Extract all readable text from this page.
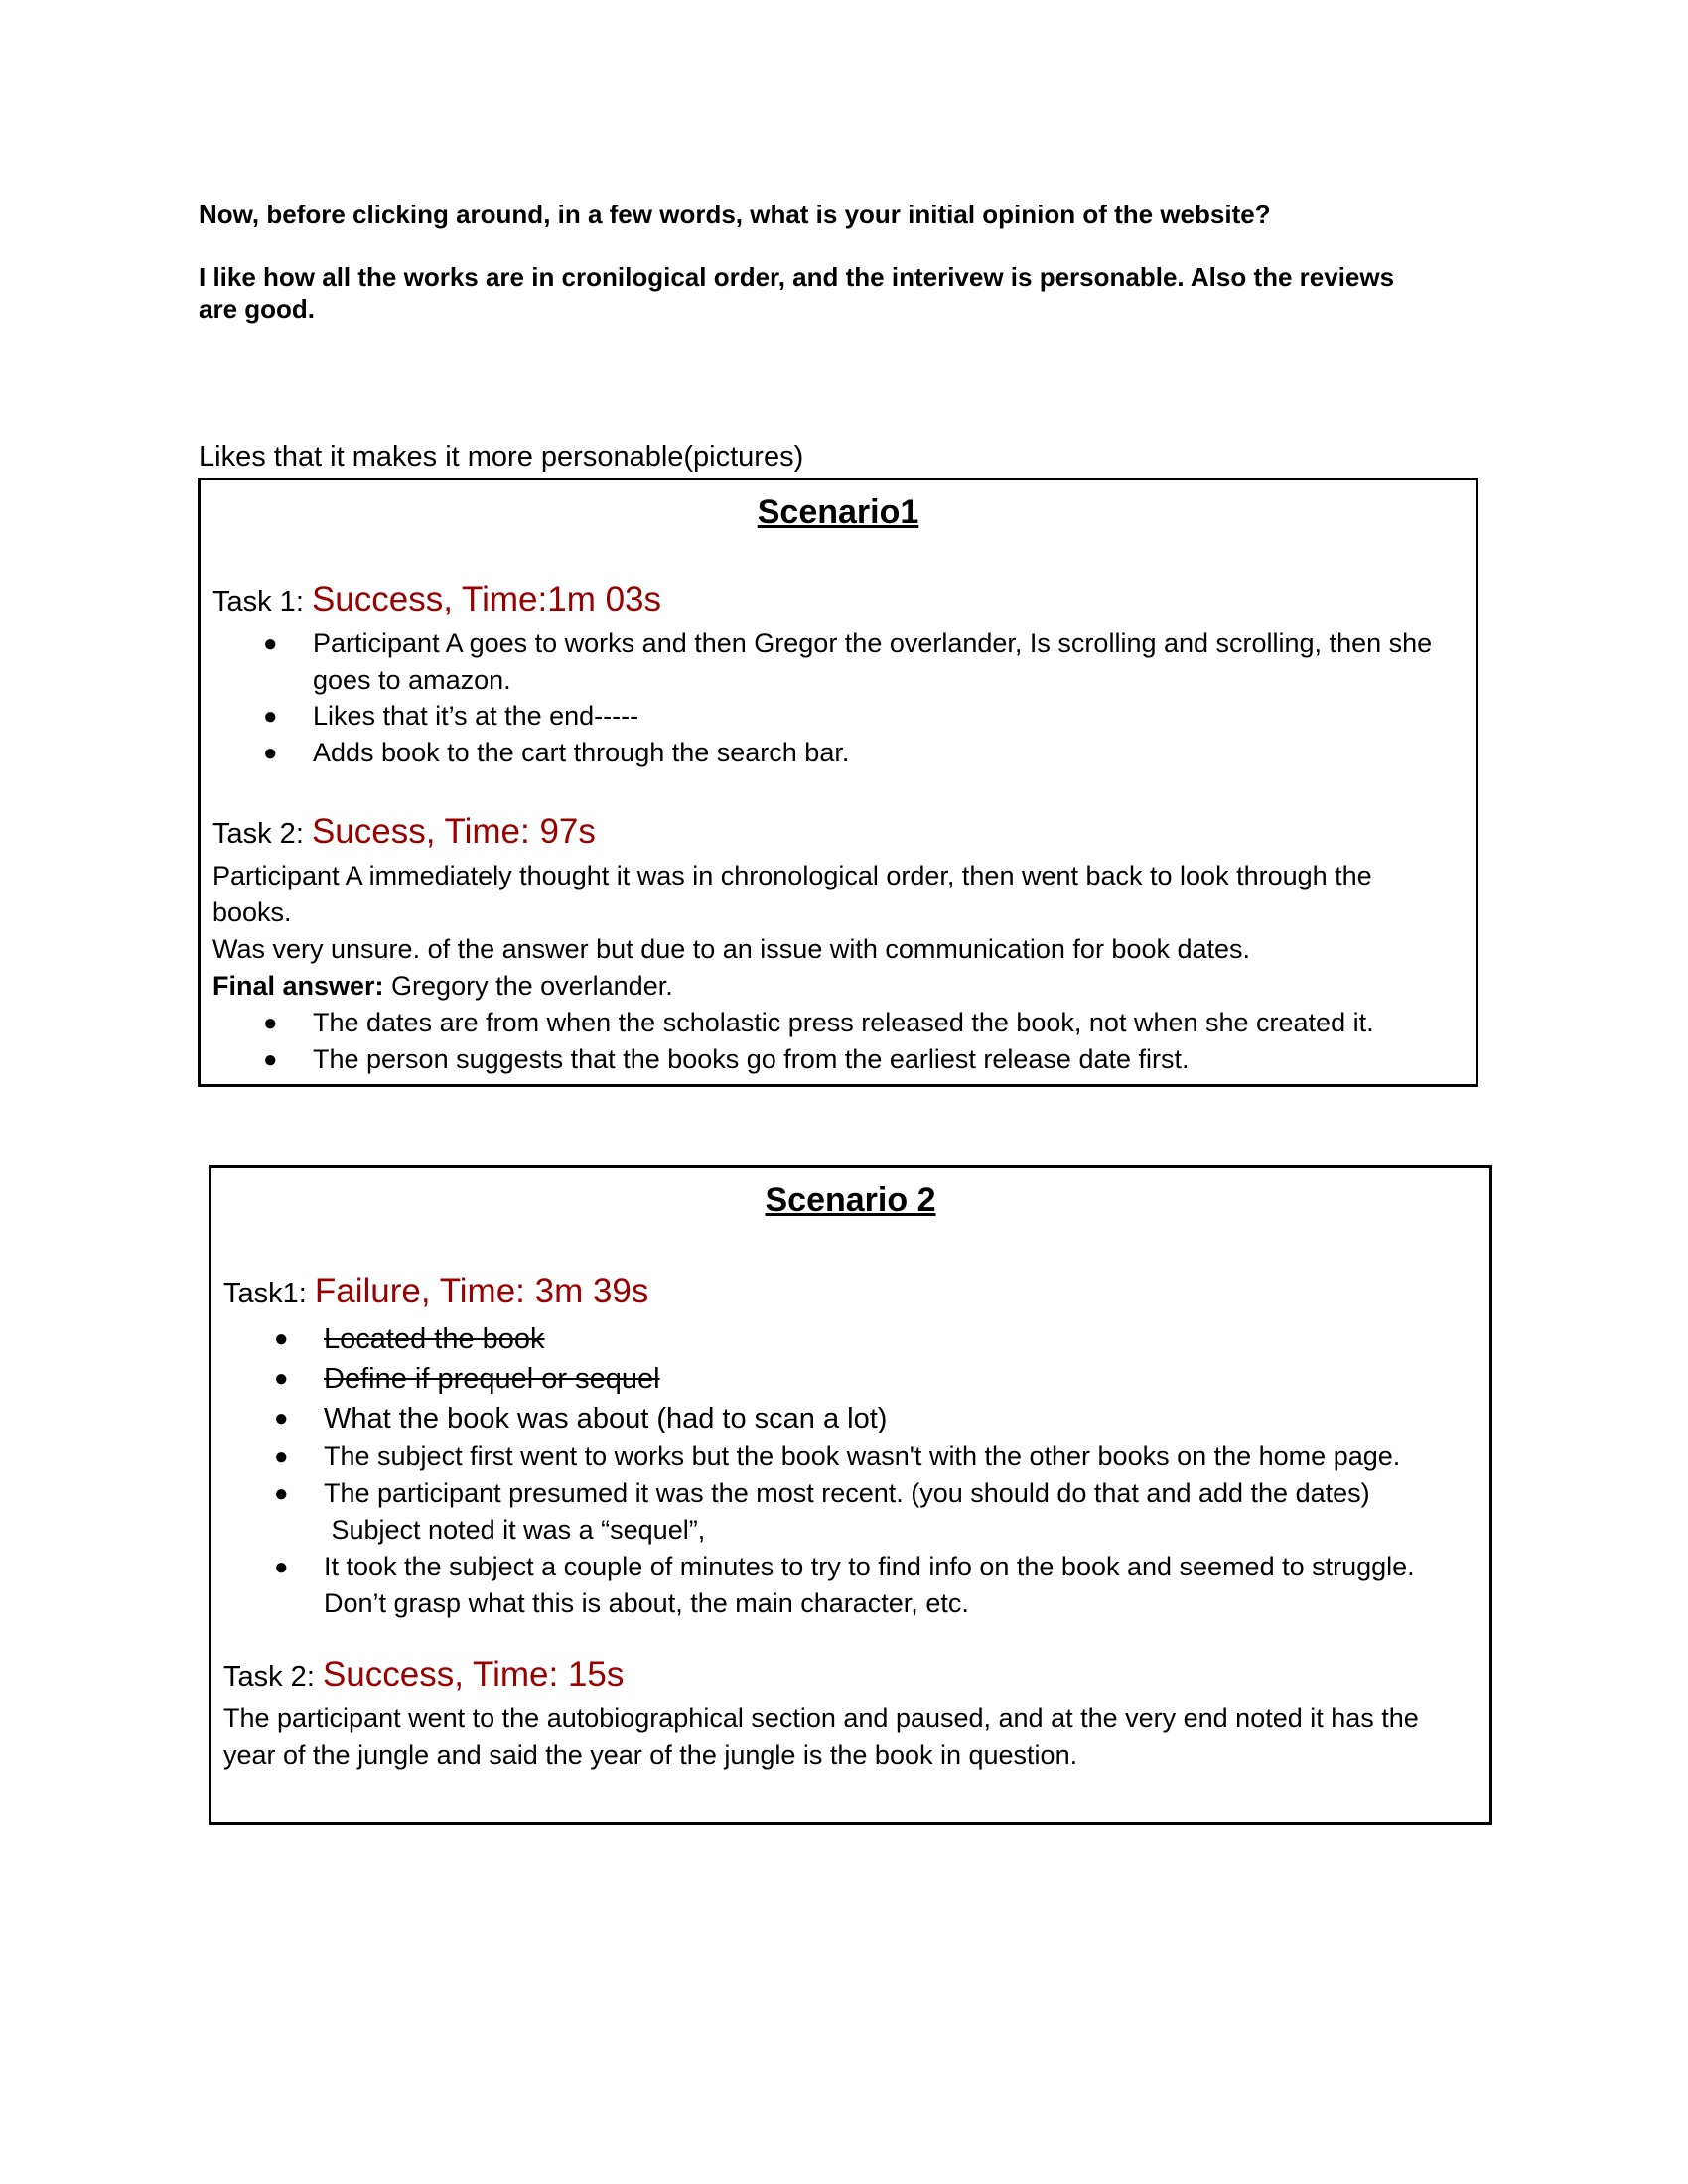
Now, before clicking around, in a few words, what is your initial opinion of the website?
I like how all the works are in cronilogical order, and the interivew is personable. Also the reviews
are good.
Likes that it makes it more personable(pictures)
Scenario1
Task 1: Success, Time:1m 03s
● Participant A goes to works and then Gregor the overlander, Is scrolling and scrolling, then she
goes to amazon.
● Likes that it’s at the end-----
● Adds book to the cart through the search bar.
Task 2: Sucess, Time: 97s
Participant A immediately thought it was in chronological order, then went back to look through the
books.
Was very unsure. of the answer but due to an issue with communication for book dates.
Final answer: Gregory the overlander.
● The dates are from when the scholastic press released the book, not when she created it.
● The person suggests that the books go from the earliest release date first.
Scenario 2
Task1: Failure, Time: 3m 39s
● Located the book
● Define if prequel or sequel
● What the book was about (had to scan a lot)
● The subject first went to works but the book wasn't with the other books on the home page.
● The participant presumed it was the most recent. (you should do that and add the dates)
Subject noted it was a “sequel”,
● It took the subject a couple of minutes to try to find info on the book and seemed to struggle.
Don’t grasp what this is about, the main character, etc.
Task 2: Success, Time: 15s
The participant went to the autobiographical section and paused, and at the very end noted it has the
year of the jungle and said the year of the jungle is the book in question.
